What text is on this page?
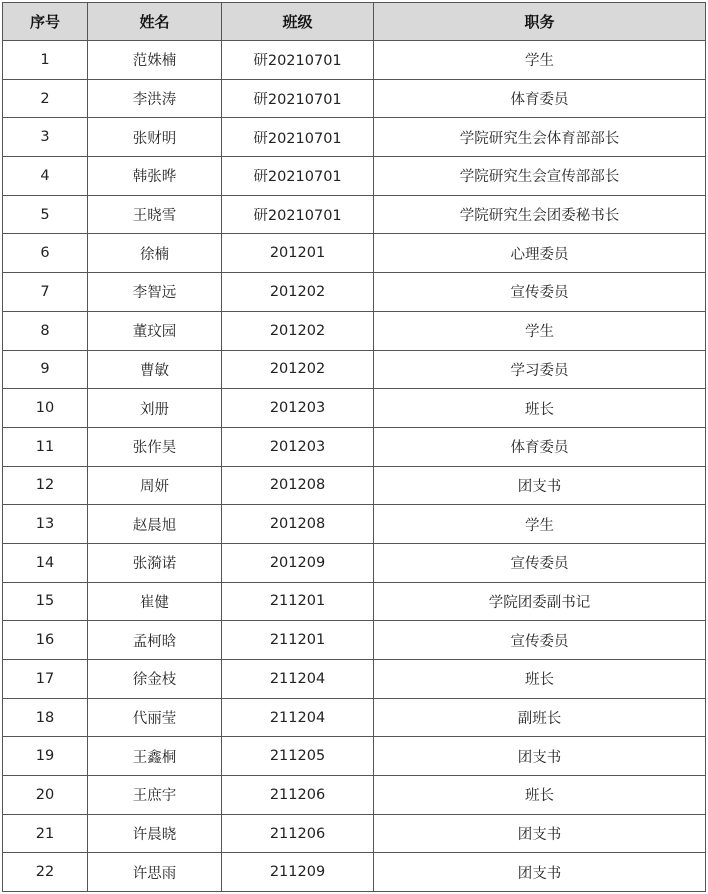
序号	姓名	班级	职务
1	范姝楠	研20210701	学生
2	李洪涛	研20210701	体育委员
3	张财明	研20210701	学院研究生会体育部部长
4	韩张晔	研20210701	学院研究生会宣传部部长
5	王晓雪	研20210701	学院研究生会团委秘书长
6	徐楠	201201	心理委员
7	李智远	201202	宣传委员
8	董玟园	201202	学生
9	曹敏	201202	学习委员
10	刘册	201203	班长
11	张作昊	201203	体育委员
12	周妍	201208	团支书
13	赵晨旭	201208	学生
14	张漪诺	201209	宣传委员
15	崔健	211201	学院团委副书记
16	孟柯晗	211201	宣传委员
17	徐金枝	211204	班长
18	代丽莹	211204	副班长
19	王鑫桐	211205	团支书
20	王庶宇	211206	班长
21	许晨晓	211206	团支书
22	许思雨	211209	团支书
